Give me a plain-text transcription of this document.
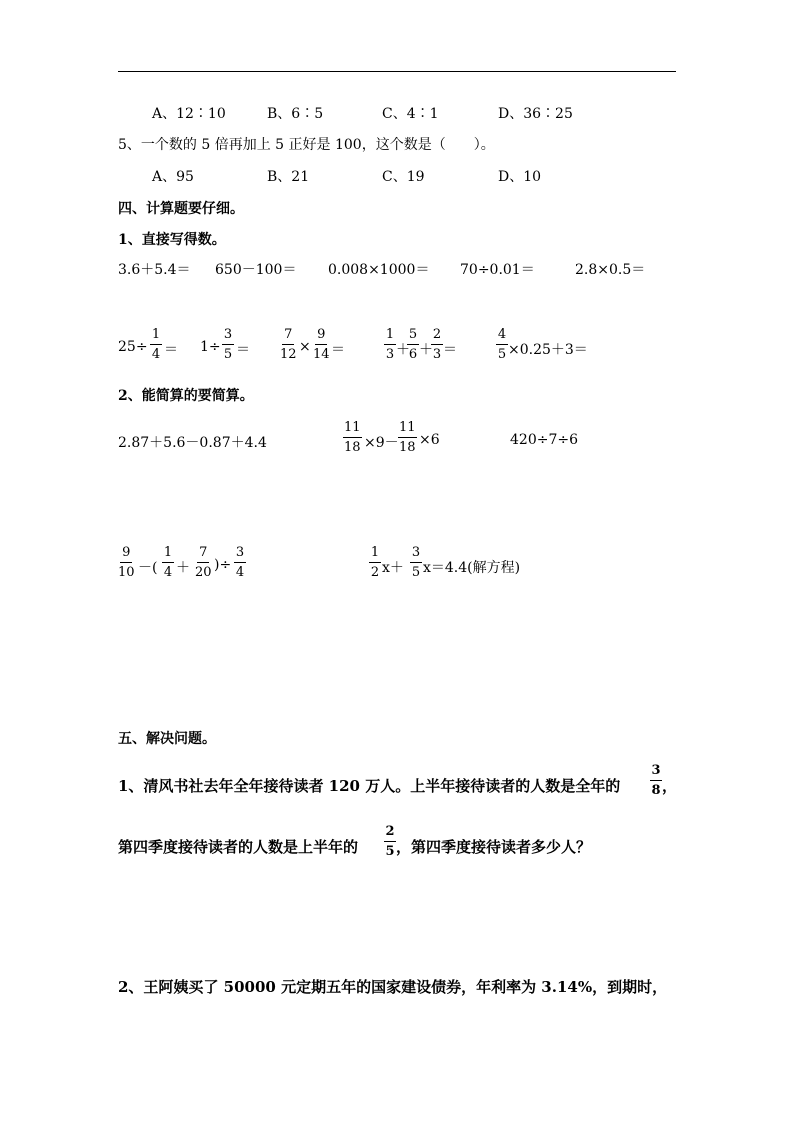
A、12∶10	B、6∶5	C、4∶1	D、36∶25
5、一个数的 5 倍再加上 5 正好是 100，这个数是（　　）。
A、95	B、21	C、19	D、10
四、计算题要仔细。
1、直接写得数。
3.6＋5.4＝ 650－100＝ 0.008×1000＝ 70÷0.01＝	2.8×0.5＝
$25\div \frac{1}{4} = 1\div \frac{3}{5} = \frac{7}{12} \times \frac{9}{14}$ ＝	$\frac{1}{3}$ ＋
$\frac{5}{6}$ ＋
$\frac{2}{3}$ ＝	$\frac{4}{5} \times 0.25+3=$
2、能简算的要简算。
2.87＋5.6－0.87＋4.4	$\frac{11}{18} \times 9- \frac{11}{18} \times 6$	420÷7÷6
$\frac{9}{10}$ －( $\frac{1}{4} + \frac{7}{20}$ )÷ $\frac{3}{4}$	$\frac{1}{2} x+ \frac{3}{5} x=4.4$(解方程)
五、解决问题。
1、清风书社去年全年接待读者 120 万人。上半年接待读者的人数是全年的 $\frac{3}{8}$ ，
第四季度接待读者的人数是上半年的 $\frac{2}{5}$ ，第四季度接待读者多少人？
2、王阿姨买了 50000 元定期五年的国家建设债券，年利率为 3.14%，到期时，
